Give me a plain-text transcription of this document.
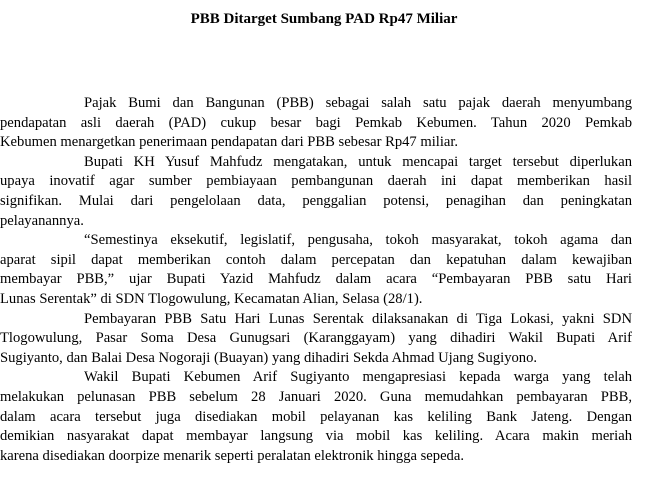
PBB Ditarget Sumbang PAD Rp47 Miliar

Pajak Bumi dan Bangunan (PBB) sebagai salah satu pajak daerah menyumbang
pendapatan asli daerah (PAD) cukup besar bagi Pemkab Kebumen. Tahun 2020 Pemkab
Kebumen menargetkan penerimaan pendapatan dari PBB sebesar Rp47 miliar.

Bupati KH Yusuf Mahfudz mengatakan, untuk mencapai target tersebut diperlukan
upaya inovatif agar sumber pembiayaan pembangunan daerah ini dapat memberikan hasil
signifikan. Mulai dari pengelolaan data, penggalian potensi, penagihan dan peningkatan
pelayanannya.

“Semestinya eksekutif, legislatif, pengusaha, tokoh masyarakat, tokoh agama dan
aparat sipil dapat memberikan contoh dalam percepatan dan kepatuhan dalam kewajiban
membayar PBB,” ujar Bupati Yazid Mahfudz dalam acara “Pembayaran PBB satu Hari
Lunas Serentak” di SDN Tlogowulung, Kecamatan Alian, Selasa (28/1).

Pembayaran PBB Satu Hari Lunas Serentak dilaksanakan di Tiga Lokasi, yakni SDN
Tlogowulung, Pasar Soma Desa Gunugsari (Karanggayam) yang dihadiri Wakil Bupati Arif
Sugiyanto, dan Balai Desa Nogoraji (Buayan) yang dihadiri Sekda Ahmad Ujang Sugiyono.

Wakil Bupati Kebumen Arif Sugiyanto mengapresiasi kepada warga yang telah
melakukan pelunasan PBB sebelum 28 Januari 2020. Guna memudahkan pembayaran PBB,
dalam acara tersebut juga disediakan mobil pelayanan kas keliling Bank Jateng. Dengan
demikian nasyarakat dapat membayar langsung via mobil kas keliling. Acara makin meriah
karena disediakan doorpize menarik seperti peralatan elektronik hingga sepeda.
